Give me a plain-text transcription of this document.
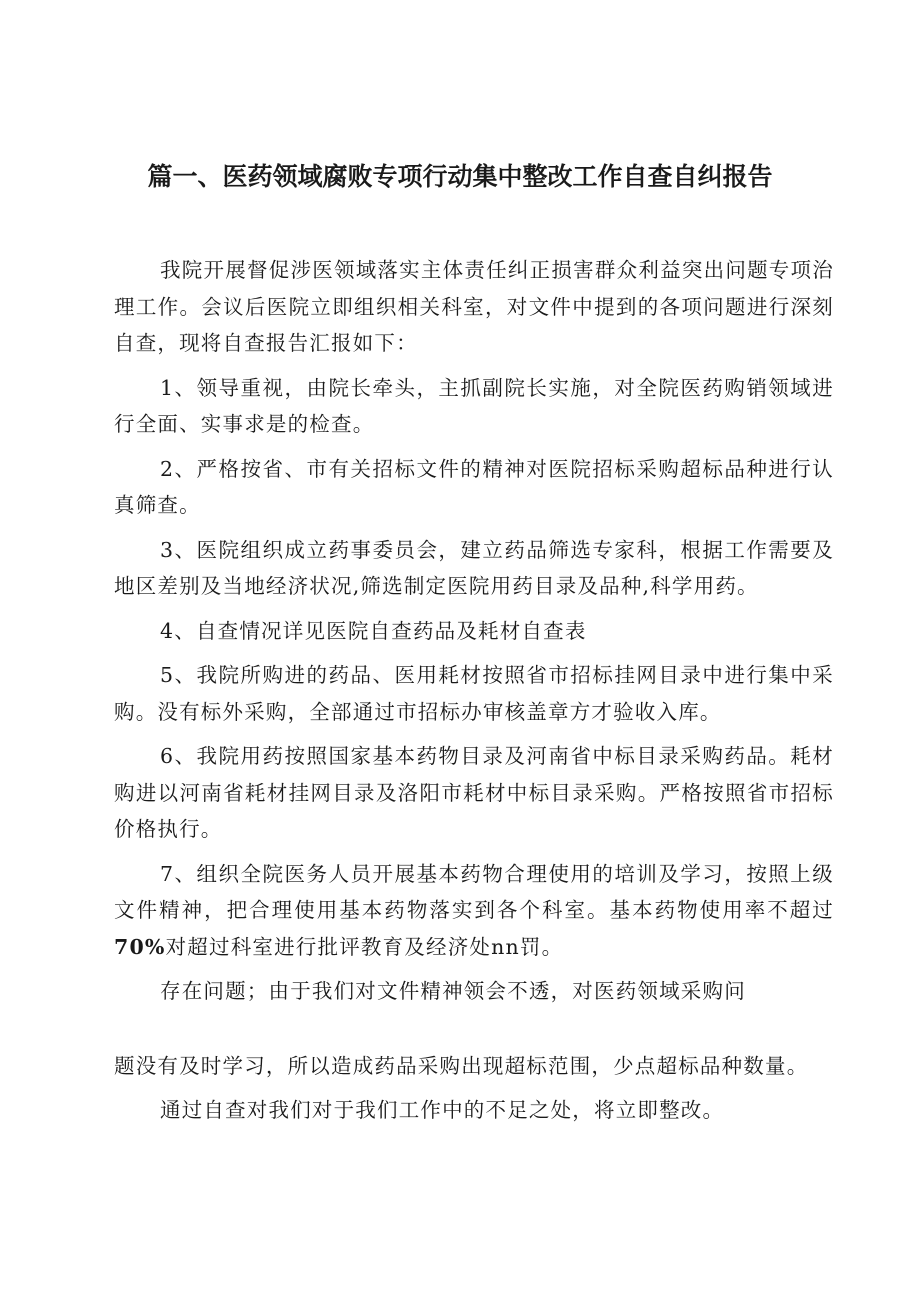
篇一、医药领域腐败专项行动集中整改工作自查自纠报告

我院开展督促涉医领域落实主体责任纠正损害群众利益突出问题专项治理工作。会议后医院立即组织相关科室，对文件中提到的各项问题进行深刻自查，现将自查报告汇报如下：

1、领导重视，由院长牵头，主抓副院长实施，对全院医药购销领域进行全面、实事求是的检查。

2、严格按省、市有关招标文件的精神对医院招标采购超标品种进行认真筛查。

3、医院组织成立药事委员会，建立药品筛选专家科，根据工作需要及地区差别及当地经济状况,筛选制定医院用药目录及品种,科学用药。

4、自查情况详见医院自查药品及耗材自查表

5、我院所购进的药品、医用耗材按照省市招标挂网目录中进行集中采购。没有标外采购，全部通过市招标办审核盖章方才验收入库。

6、我院用药按照国家基本药物目录及河南省中标目录采购药品。耗材购进以河南省耗材挂网目录及洛阳市耗材中标目录采购。严格按照省市招标价格执行。

7、组织全院医务人员开展基本药物合理使用的培训及学习，按照上级文件精神，把合理使用基本药物落实到各个科室。基本药物使用率不超过70%对超过科室进行批评教育及经济处nn罚。

存在问题；由于我们对文件精神领会不透，对医药领域采购问

题没有及时学习，所以造成药品采购出现超标范围，少点超标品种数量。

通过自查对我们对于我们工作中的不足之处，将立即整改。
